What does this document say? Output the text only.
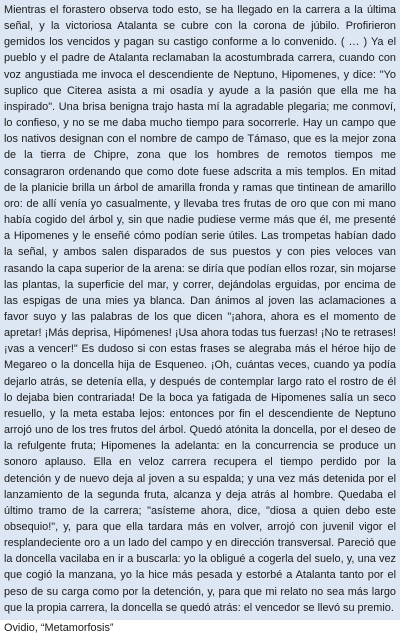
Mientras el forastero observa todo esto, se ha llegado en la carrera a la última señal, y la victoriosa Atalanta se cubre con la corona de júbilo. Profirieron gemidos los vencidos y pagan su castigo conforme a lo convenido. ( … ) Ya el pueblo y el padre de Atalanta reclamaban la acostumbrada carrera, cuando con voz angustiada me invoca el descendiente de Neptuno, Hipomenes, y dice: "Yo suplico que Citerea asista a mi osadía y ayude a la pasión que ella me ha inspirado". Una brisa benigna trajo hasta mí la agradable plegaria; me conmoví, lo confieso, y no se me daba mucho tiempo para socorrerle. Hay un campo que los nativos designan con el nombre de campo de Támaso, que es la mejor zona de la tierra de Chipre, zona que los hombres de remotos tiempos me consagraron ordenando que como dote fuese adscrita a mis templos. En mitad de la planicie brilla un árbol de amarilla fronda y ramas que tintinean de amarillo oro: de allí venía yo casualmente, y llevaba tres frutas de oro que con mi mano había cogido del árbol y, sin que nadie pudiese verme más que él, me presenté a Hipomenes y le enseñé cómo podían serie útiles. Las trompetas habían dado la señal, y ambos salen disparados de sus puestos y con pies veloces van rasando la capa superior de la arena: se diría que podían ellos rozar, sin mojarse las plantas, la superficie del mar, y correr, dejándolas erguidas, por encima de las espigas de una mies ya blanca. Dan ánimos al joven las aclamaciones a favor suyo y las palabras de los que dicen "¡ahora, ahora es el momento de apretar! ¡Más deprisa, Hipómenes! ¡Usa ahora todas tus fuerzas! ¡No te retrases! ¡vas a vencer!" Es dudoso si con estas frases se alegraba más el héroe hijo de Megareo o la doncella hija de Esqueneo. ¡Oh, cuántas veces, cuando ya podía dejarlo atrás, se detenía ella, y después de contemplar largo rato el rostro de él lo dejaba bien contrariada! De la boca ya fatigada de Hipomenes salía un seco resuello, y la meta estaba lejos: entonces por fin el descendiente de Neptuno arrojó uno de los tres frutos del árbol. Quedó atónita la doncella, por el deseo de la refulgente fruta; Hipomenes la adelanta: en la concurrencia se produce un sonoro aplauso. Ella en veloz carrera recupera el tiempo perdido por la detención y de nuevo deja al joven a su espalda; y una vez más detenida por el lanzamiento de la segunda fruta, alcanza y deja atrás al hombre. Quedaba el último tramo de la carrera; "asísteme ahora, dice, "diosa a quien debo este obsequio!", y, para que ella tardara más en volver, arrojó con juvenil vigor el resplandeciente oro a un lado del campo y en dirección transversal. Pareció que la doncella vacilaba en ir a buscarla: yo la obligué a cogerla del suelo, y, una vez que cogió la manzana, yo la hice más pesada y estorbé a Atalanta tanto por el peso de su carga como por la detención, y, para que mi relato no sea más largo que la propia carrera, la doncella se quedó atrás: el vencedor se llevó su premio.

Ovidio, “Metamorfosis”
